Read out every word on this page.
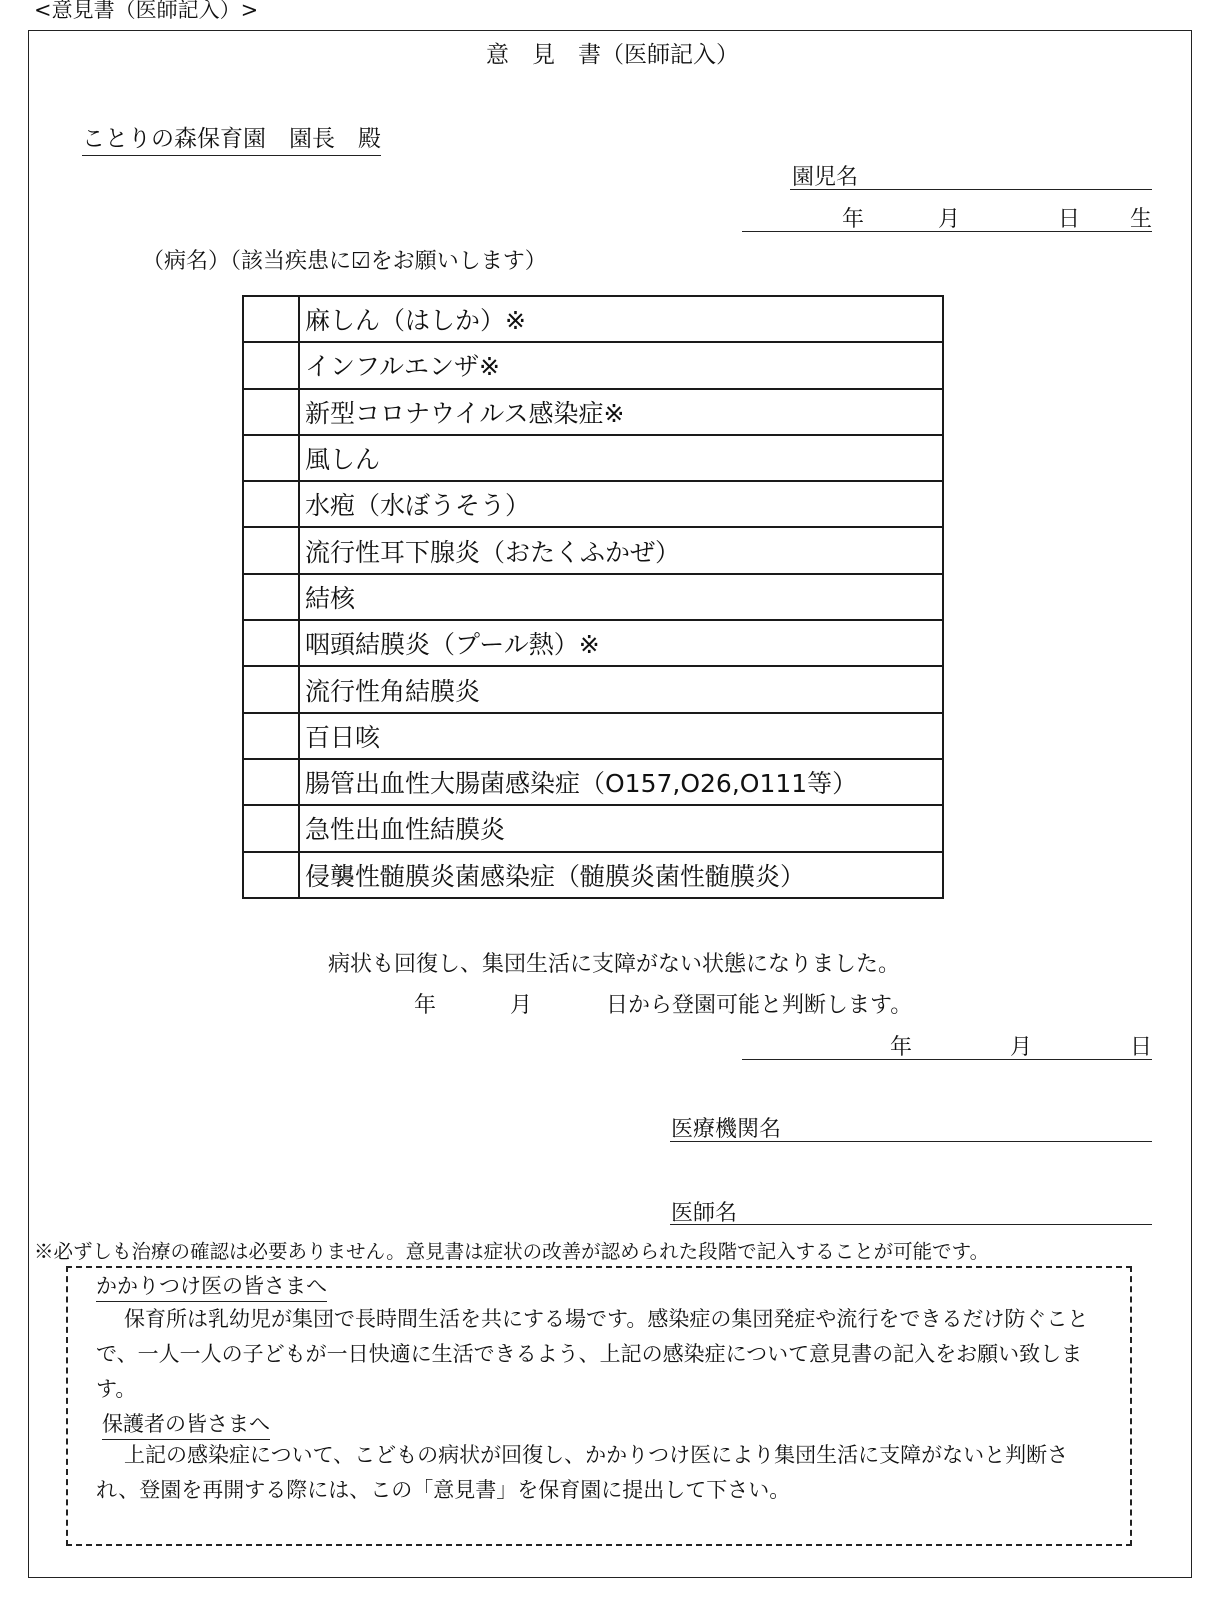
<意見書（医師記入）>
意　見　書（医師記入）
ことりの森保育園　園長　殿
園児名
年	月	日 生
（病名）（該当疾患に☑をお願いします）
	麻しん（はしか）※
	インフルエンザ※
	新型コロナウイルス感染症※
	風しん
	水疱（水ぼうそう）
	流行性耳下腺炎（おたくふかぜ）
	結核
	咽頭結膜炎（プール熱）※
	流行性角結膜炎
	百日咳
	腸管出血性大腸菌感染症（O157,O26,O111等）
	急性出血性結膜炎
	侵襲性髄膜炎菌感染症（髄膜炎菌性髄膜炎）
病状も回復し、集団生活に支障がない状態になりました。
年	月	日から登園可能と判断します。
年	月	日
医療機関名
医師名
※必ずしも治療の確認は必要ありません。意見書は症状の改善が認められた段階で記入することが可能です。
かかりつけ医の皆さまへ
保育所は乳幼児が集団で長時間生活を共にする場です。感染症の集団発症や流行をできるだけ防ぐことで、一人一人の子どもが一日快適に生活できるよう、上記の感染症について意見書の記入をお願い致します。
保護者の皆さまへ
上記の感染症について、こどもの病状が回復し、かかりつけ医により集団生活に支障がないと判断され、登園を再開する際には、この「意見書」を保育園に提出して下さい。
